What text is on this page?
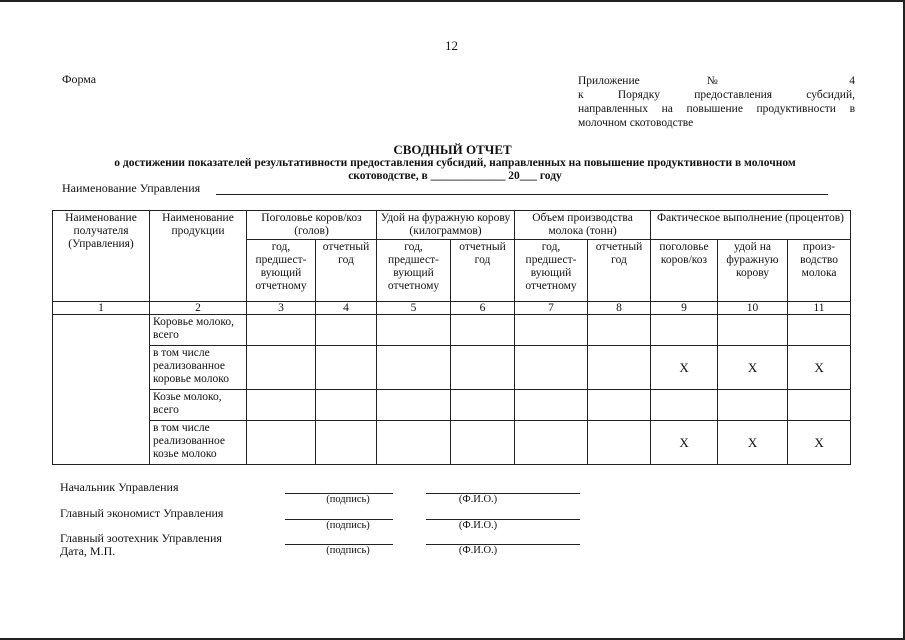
12
Форма	Приложение № 4
к Порядку предоставления субсидий,
направленных на повышение продуктивности в
молочном скотоводстве
СВОДНЫЙ ОТЧЕТ
о достижении показателей результативности предоставления субсидий, направленных на повышение продуктивности в молочном
скотоводстве, в _____________ 20___ году
Наименование Управления
Наименование получателя (Управления)	Наименование продукции	Поголовье коров/коз (голов)		Удой на фуражную корову (килограммов)		Объем производства молока (тонн)		Фактическое выполнение (процентов)		
		год, предшест-вующий отчетному	отчетный год	год, предшест-вующий отчетному	отчетный год	год, предшест-вующий отчетному	отчетный год	поголовье коров/коз	удой на фуражную корову	произ-водство молока
1	2	3	4	5	6	7	8	9	10	11
	Коровье молоко, всего									
	в том числе реализованное коровье молоко							Х	Х	Х
	Козье молоко, всего									
	в том числе реализованное козье молоко							Х	Х	Х
Начальник Управления
(подпись)	(Ф.И.О.)
Главный экономист Управления
(подпись)	(Ф.И.О.)
Главный зоотехник Управления
Дата, М.П.	(подпись)	(Ф.И.О.)
